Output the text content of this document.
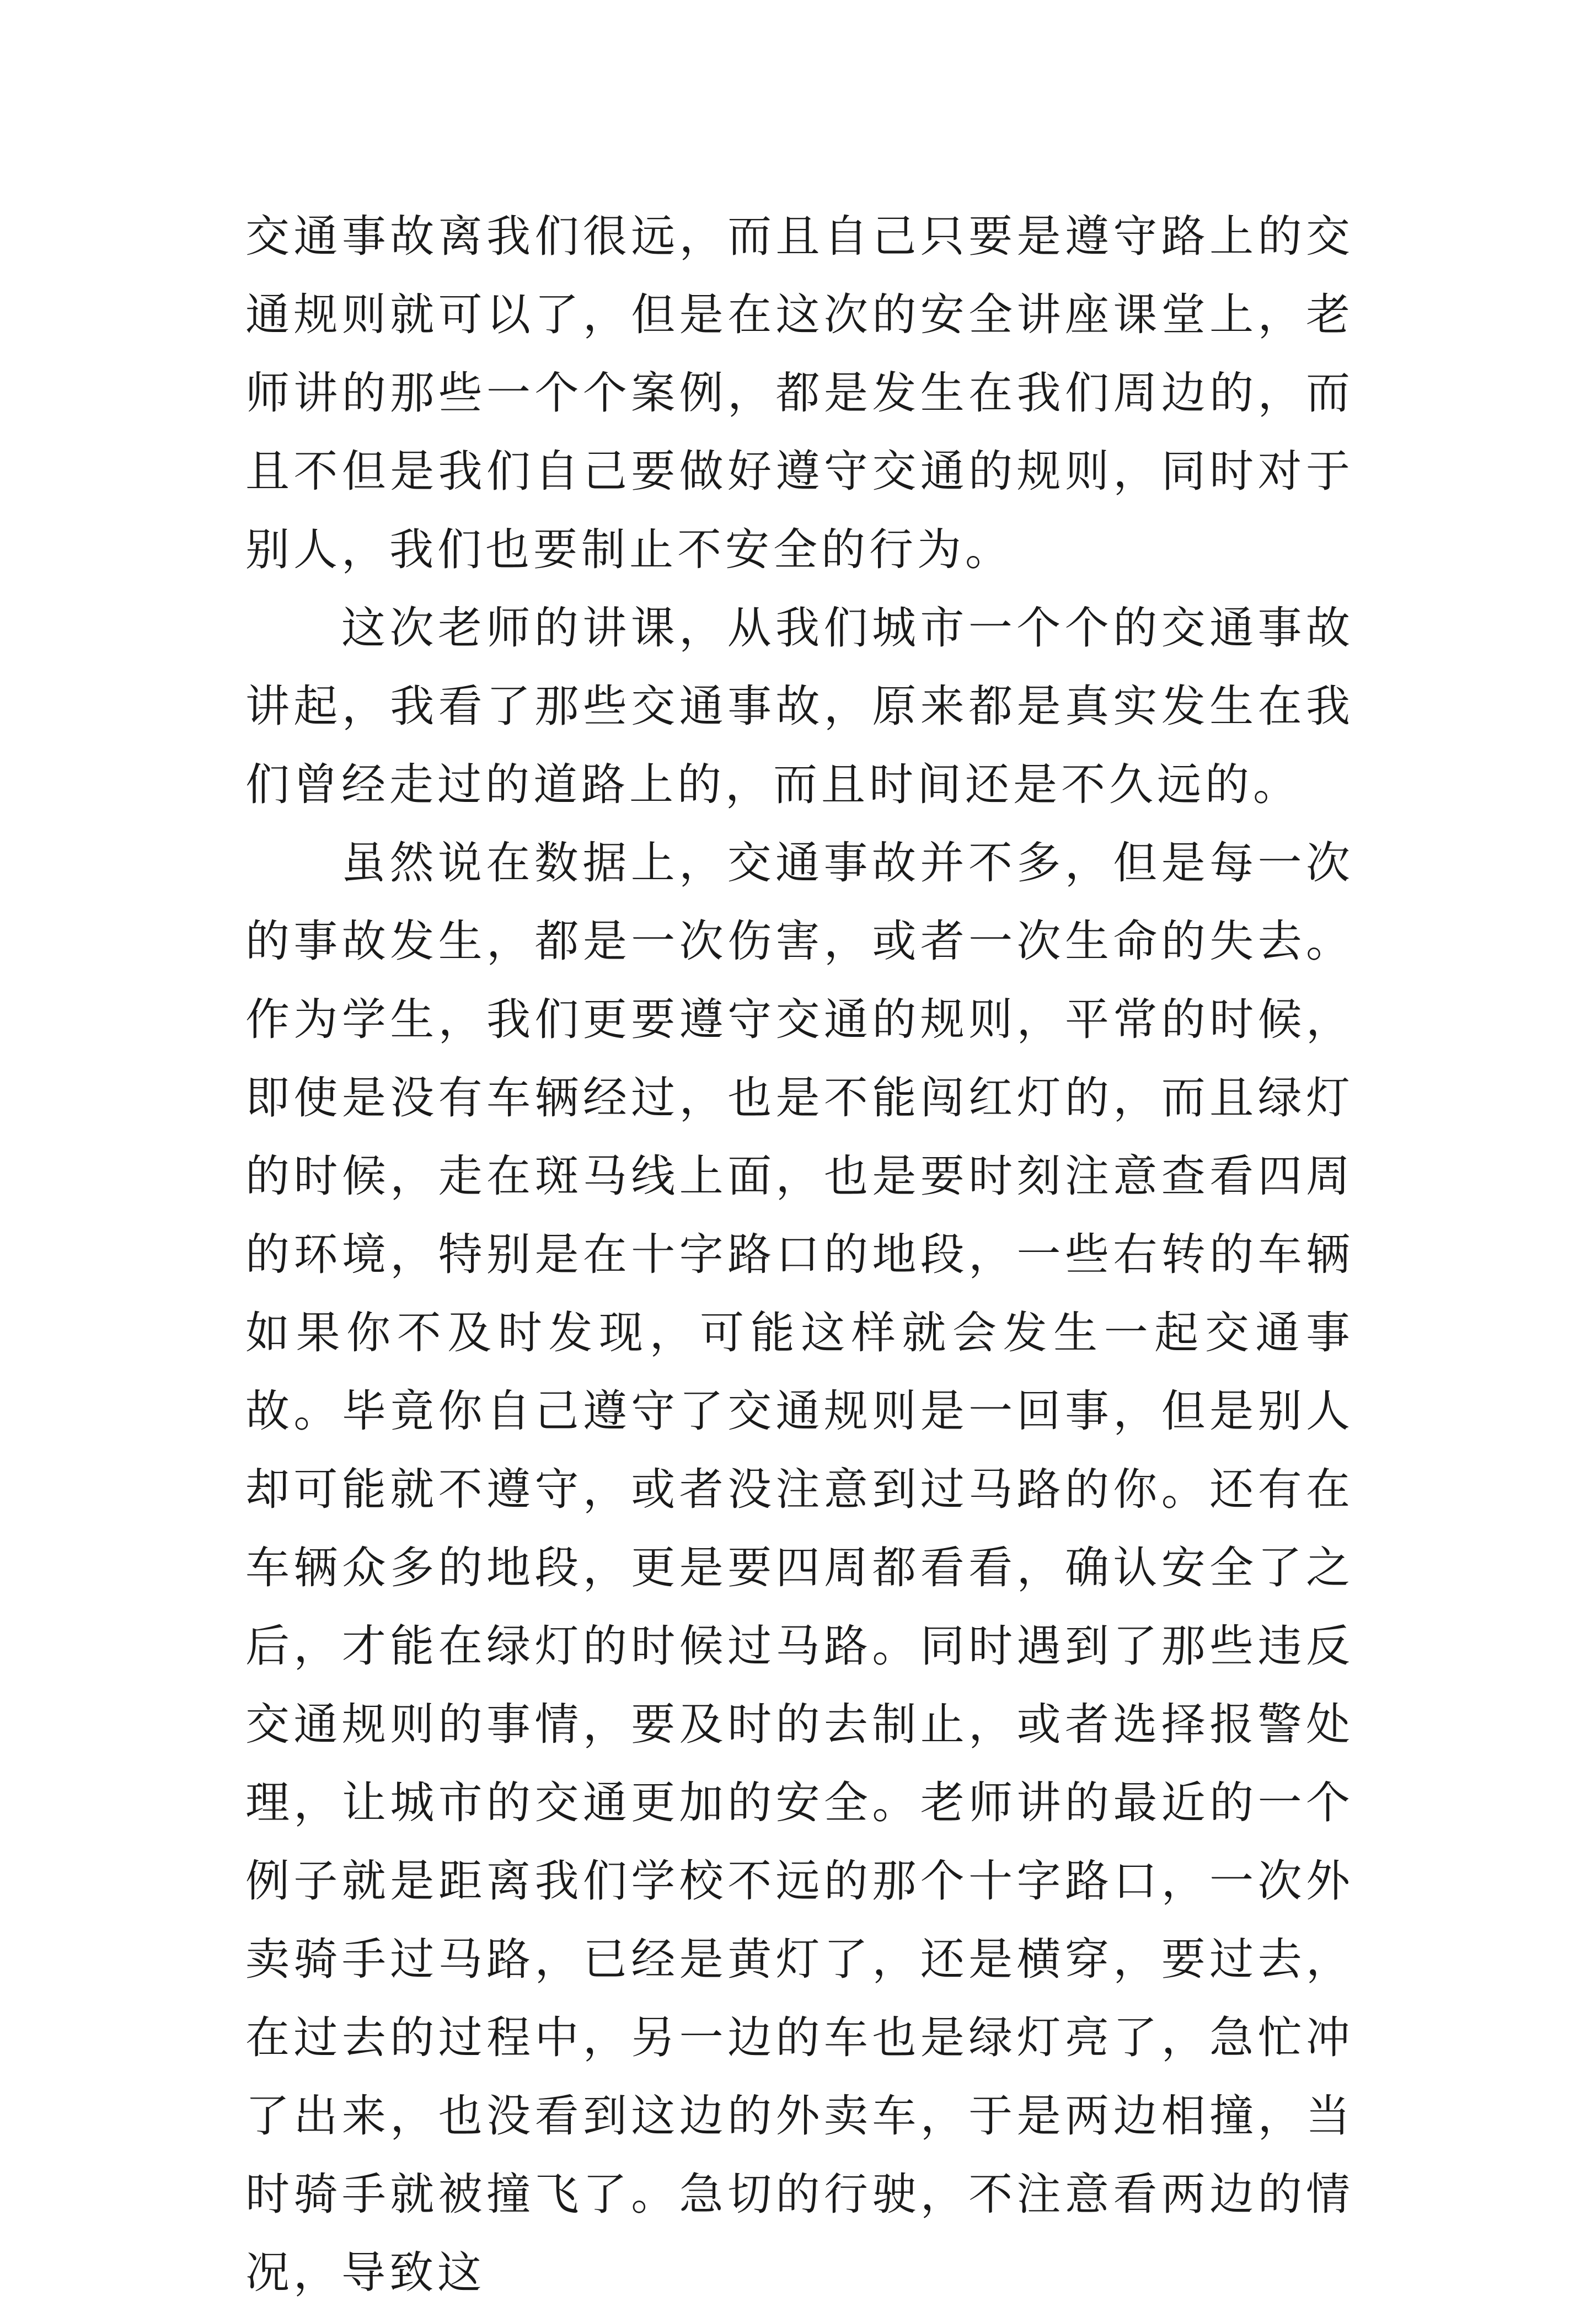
交通事故离我们很远，而且自己只要是遵守路上的交通规则就可以了，但是在这次的安全讲座课堂上，老师讲的那些一个个案例，都是发生在我们周边的，而且不但是我们自己要做好遵守交通的规则，同时对于别人，我们也要制止不安全的行为。

这次老师的讲课，从我们城市一个个的交通事故讲起，我看了那些交通事故，原来都是真实发生在我们曾经走过的道路上的，而且时间还是不久远的。

虽然说在数据上，交通事故并不多，但是每一次的事故发生，都是一次伤害，或者一次生命的失去。作为学生，我们更要遵守交通的规则，平常的时候，即使是没有车辆经过，也是不能闯红灯的，而且绿灯的时候，走在斑马线上面，也是要时刻注意查看四周的环境，特别是在十字路口的地段，一些右转的车辆如果你不及时发现，可能这样就会发生一起交通事故。毕竟你自己遵守了交通规则是一回事，但是别人却可能就不遵守，或者没注意到过马路的你。还有在车辆众多的地段，更是要四周都看看，确认安全了之后，才能在绿灯的时候过马路。同时遇到了那些违反交通规则的事情，要及时的去制止，或者选择报警处理，让城市的交通更加的安全。老师讲的最近的一个例子就是距离我们学校不远的那个十字路口，一次外卖骑手过马路，已经是黄灯了，还是横穿，要过去，在过去的过程中，另一边的车也是绿灯亮了，急忙冲了出来，也没看到这边的外卖车，于是两边相撞，当时骑手就被撞飞了。急切的行驶，不注意看两边的情况，导致这
